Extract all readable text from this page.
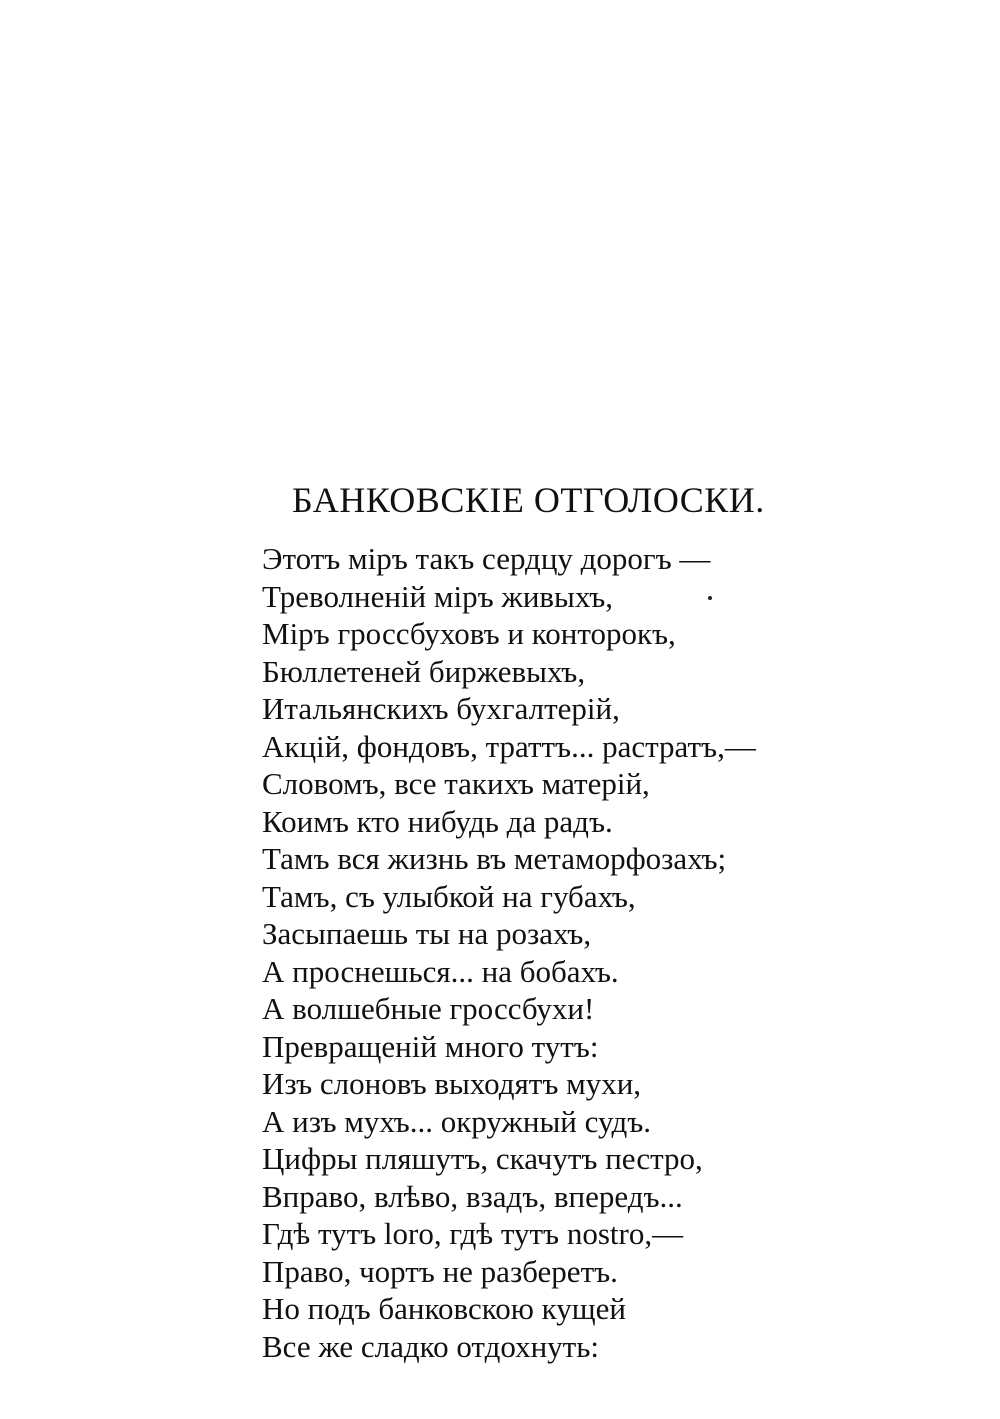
БАНКОВСКІЕ ОТГОЛОСКИ.
Этотъ міръ такъ сердцу дорогъ —
Треволненій міръ живыхъ,
Міръ гроссбуховъ и конторокъ,
Бюллетеней биржевыхъ,
Итальянскихъ бухгалтерій,
Акцій, фондовъ, траттъ... растратъ,—
Словомъ, все такихъ матерій,
Коимъ кто нибудь да радъ.
Тамъ вся жизнь въ метаморфозахъ;
Тамъ, съ улыбкой на губахъ,
Засыпаешь ты на розахъ,
А проснешься... на бобахъ.
А волшебные гроссбухи!
Превращеній много тутъ:
Изъ слоновъ выходятъ мухи,
А изъ мухъ... окружный судъ.
Цифры пляшутъ, скачутъ пестро,
Вправо, влѣво, взадъ, впередъ...
Гдѣ тутъ loro, гдѣ тутъ nostro,—
Право, чортъ не разберетъ.
Но подъ банковскою кущей
Все же сладко отдохнуть:
